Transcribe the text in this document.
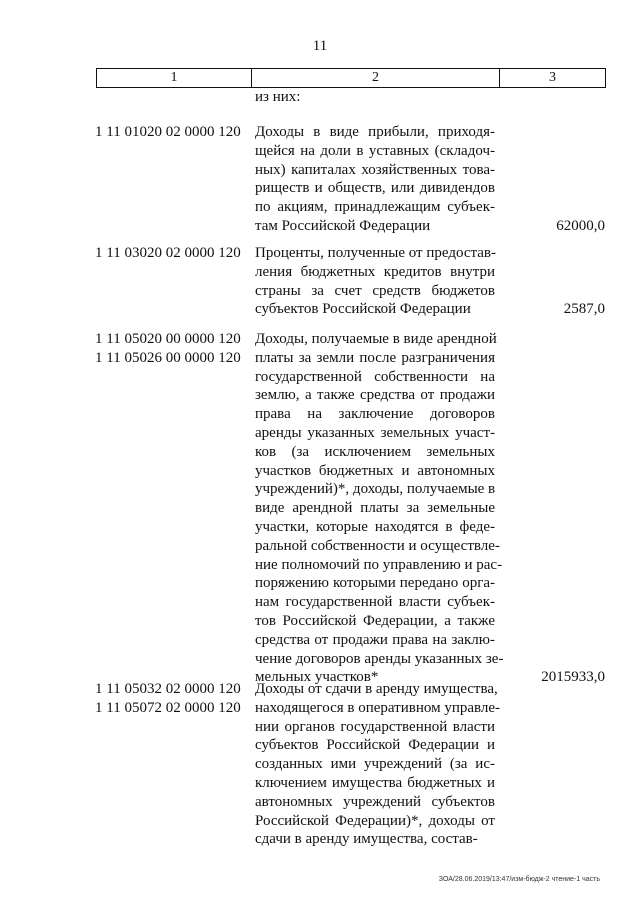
11
1	2	3
из них:
1 11 01020 02 0000 120 Доходы в виде прибыли, приходя-
щейся на доли в уставных (складоч-
ных) капиталах хозяйственных това-
риществ и обществ, или дивидендов
по акциям, принадлежащим субъек-
там Российской Федерации	62000,0
1 11 03020 02 0000 120 Проценты, полученные от предостав-
ления бюджетных кредитов внутри
страны за счет средств бюджетов
субъектов Российской Федерации	2587,0
1 11 05020 00 0000 120
1 11 05026 00 0000 120
Доходы, получаемые в виде арендной
платы за земли после разграничения
государственной собственности на
землю, а также средства от продажи
права на заключение договоров
аренды указанных земельных участ-
ков (за исключением земельных
участков бюджетных и автономных
учреждений)*, доходы, получаемые в
виде арендной платы за земельные
участки, которые находятся в феде-
ральной собственности и осуществле-
ние полномочий по управлению и рас-
поряжению которыми передано орга-
нам государственной власти субъек-
тов Российской Федерации, а также
средства от продажи права на заклю-
чение договоров аренды указанных зе-
мельных участков*	2015933,0
1 11 05032 02 0000 120
1 11 05072 02 0000 120
Доходы от сдачи в аренду имущества,
находящегося в оперативном управле-
нии органов государственной власти
субъектов Российской Федерации и
созданных ими учреждений (за ис-
ключением имущества бюджетных и
автономных учреждений субъектов
Российской Федерации)*, доходы от
сдачи в аренду имущества, состав-
ЗОА/28.06.2019/13:47/изм-бюдж-2 чтение-1 часть
